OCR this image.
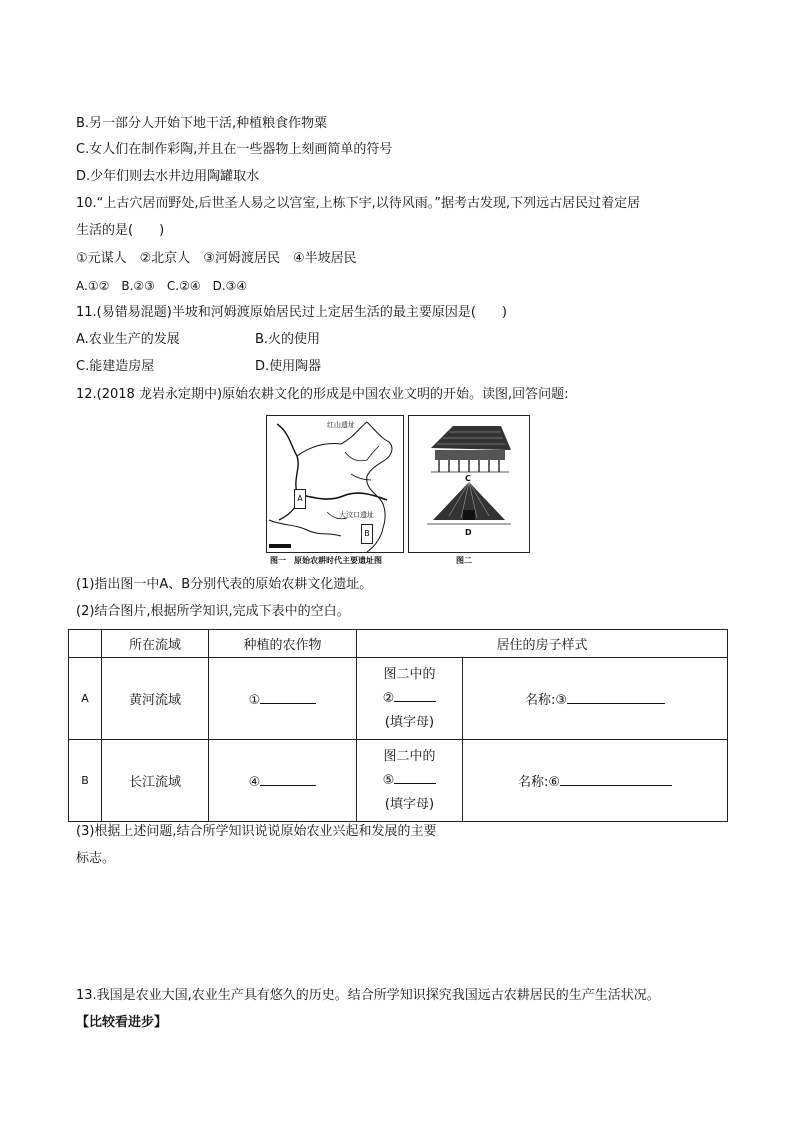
B.另一部分人开始下地干活,种植粮食作物粟
C.女人们在制作彩陶,并且在一些器物上刻画简单的符号
D.少年们则去水井边用陶罐取水
10.“上古穴居而野处,后世圣人易之以宫室,上栋下宇,以待风雨。”据考古发现,下列远古居民过着定居
生活的是(　　)
①元谋人　②北京人　③河姆渡居民　④半坡居民
A.①②　B.②③　C.②④　D.③④
11.(易错易混题)半坡和河姆渡原始居民过上定居生活的最主要原因是(　　)
A.农业生产的发展	B.火的使用
C.能建造房屋	D.使用陶器
12.(2018 龙岩永定期中)原始农耕文化的形成是中国农业文明的开始。读图,回答问题:
红山遗址
大汶口遗址
A
B
C
D
图一　原始农耕时代主要遗址图	图二
(1)指出图一中A、B分别代表的原始农耕文化遗址。
(2)结合图片,根据所学知识,完成下表中的空白。
	所在流域	种植的农作物	居住的房子样式	
A	黄河流域	①	图二中的
②
(填字母)	名称:③
B	长江流域	④	图二中的
⑤
(填字母)	名称:⑥
(3)根据上述问题,结合所学知识说说原始农业兴起和发展的主要
标志。
13.我国是农业大国,农业生产具有悠久的历史。结合所学知识探究我国远古农耕居民的生产生活状况。
【比较看进步】
